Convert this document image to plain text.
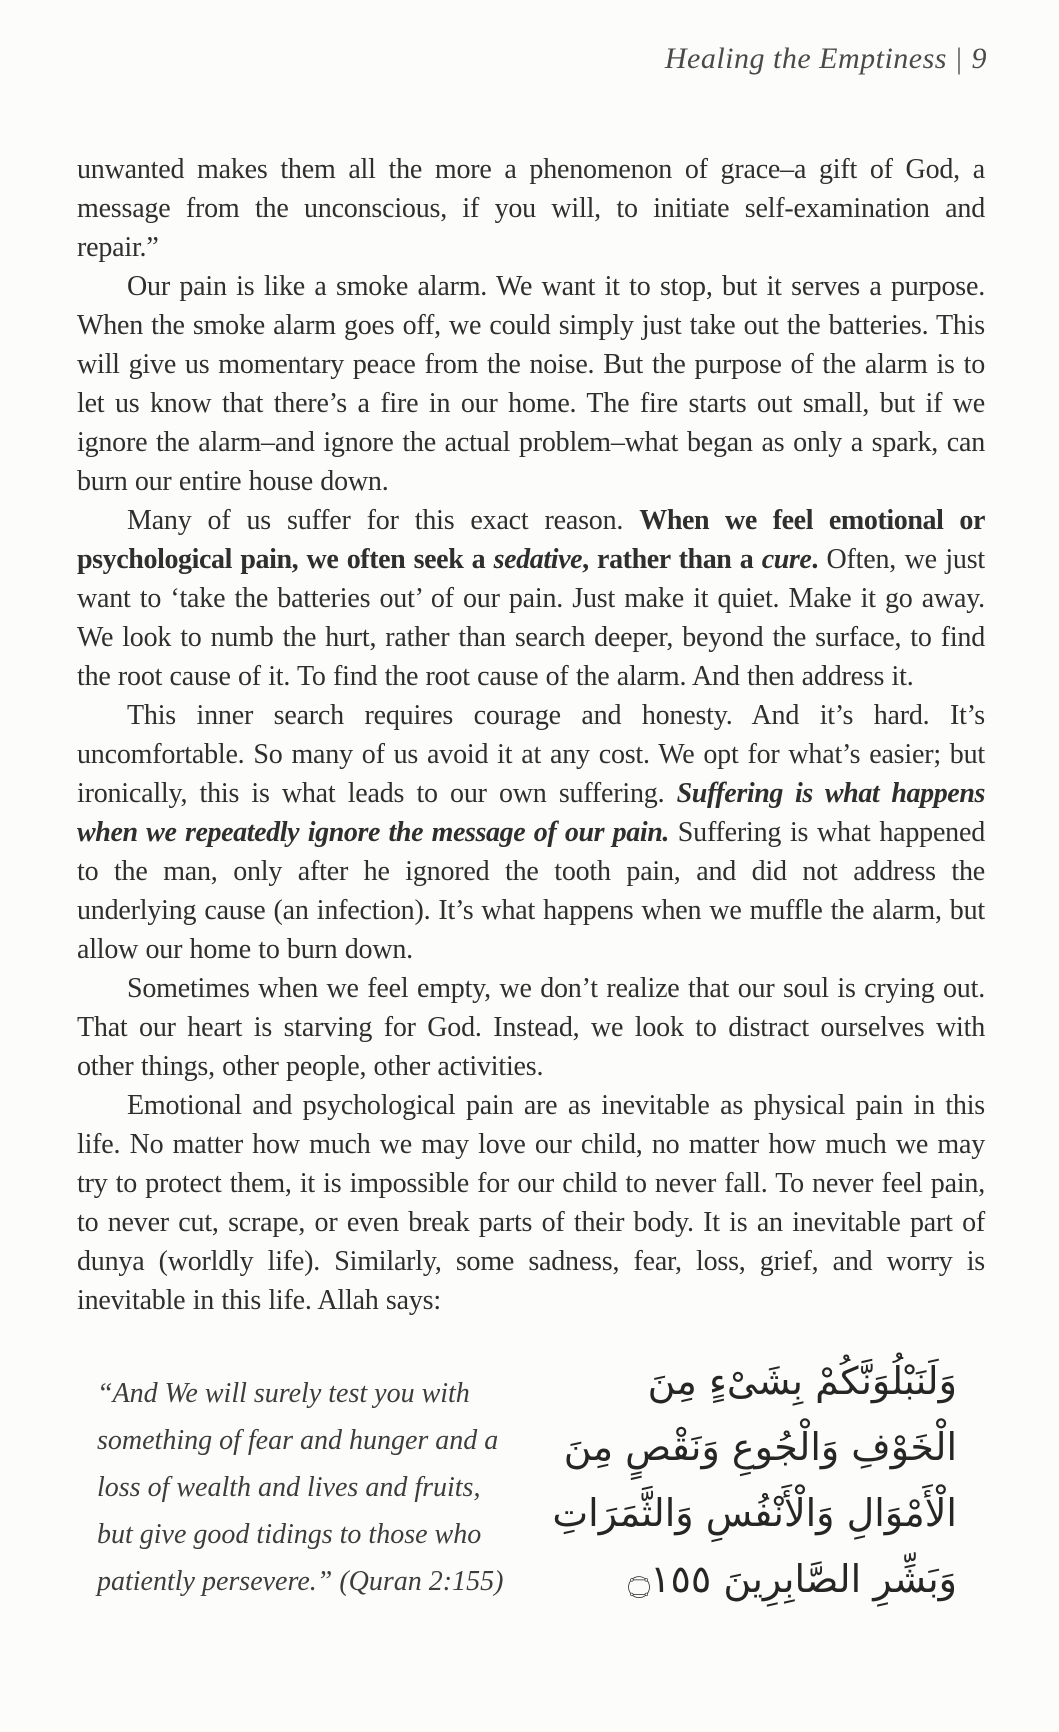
Healing the Emptiness | 9

unwanted makes them all the more a phenomenon of grace–a gift of God, a message from the unconscious, if you will, to initiate self-examination and repair.”

Our pain is like a smoke alarm. We want it to stop, but it serves a purpose. When the smoke alarm goes off, we could simply just take out the batteries. This will give us momentary peace from the noise. But the purpose of the alarm is to let us know that there’s a fire in our home. The fire starts out small, but if we ignore the alarm–and ignore the actual problem–what began as only a spark, can burn our entire house down.

Many of us suffer for this exact reason. When we feel emotional or psychological pain, we often seek a sedative, rather than a cure. Often, we just want to ‘take the batteries out’ of our pain. Just make it quiet. Make it go away. We look to numb the hurt, rather than search deeper, beyond the surface, to find the root cause of it. To find the root cause of the alarm. And then address it.

This inner search requires courage and honesty. And it’s hard. It’s uncomfortable. So many of us avoid it at any cost. We opt for what’s easier; but ironically, this is what leads to our own suffering. Suffering is what happens when we repeatedly ignore the message of our pain. Suffering is what happened to the man, only after he ignored the tooth pain, and did not address the underlying cause (an infection). It’s what happens when we muffle the alarm, but allow our home to burn down.

Sometimes when we feel empty, we don’t realize that our soul is crying out. That our heart is starving for God. Instead, we look to distract ourselves with other things, other people, other activities.

Emotional and psychological pain are as inevitable as physical pain in this life. No matter how much we may love our child, no matter how much we may try to protect them, it is impossible for our child to never fall. To never feel pain, to never cut, scrape, or even break parts of their body. It is an inevitable part of dunya (worldly life). Similarly, some sadness, fear, loss, grief, and worry is inevitable in this life. Allah says:

“And We will surely test you with
something of fear and hunger and a
loss of wealth and lives and fruits,
but give good tidings to those who
patiently persevere.” (Quran 2:155)
وَلَنَبْلُوَنَّكُمْ بِشَىْءٍ مِنَ
الْخَوْفِ وَالْجُوعِ وَنَقْصٍ مِنَ
الْأَمْوَالِ وَالْأَنْفُسِ وَالثَّمَرَاتِ
وَبَشِّرِ الصَّابِرِينَ ۝١٥٥
